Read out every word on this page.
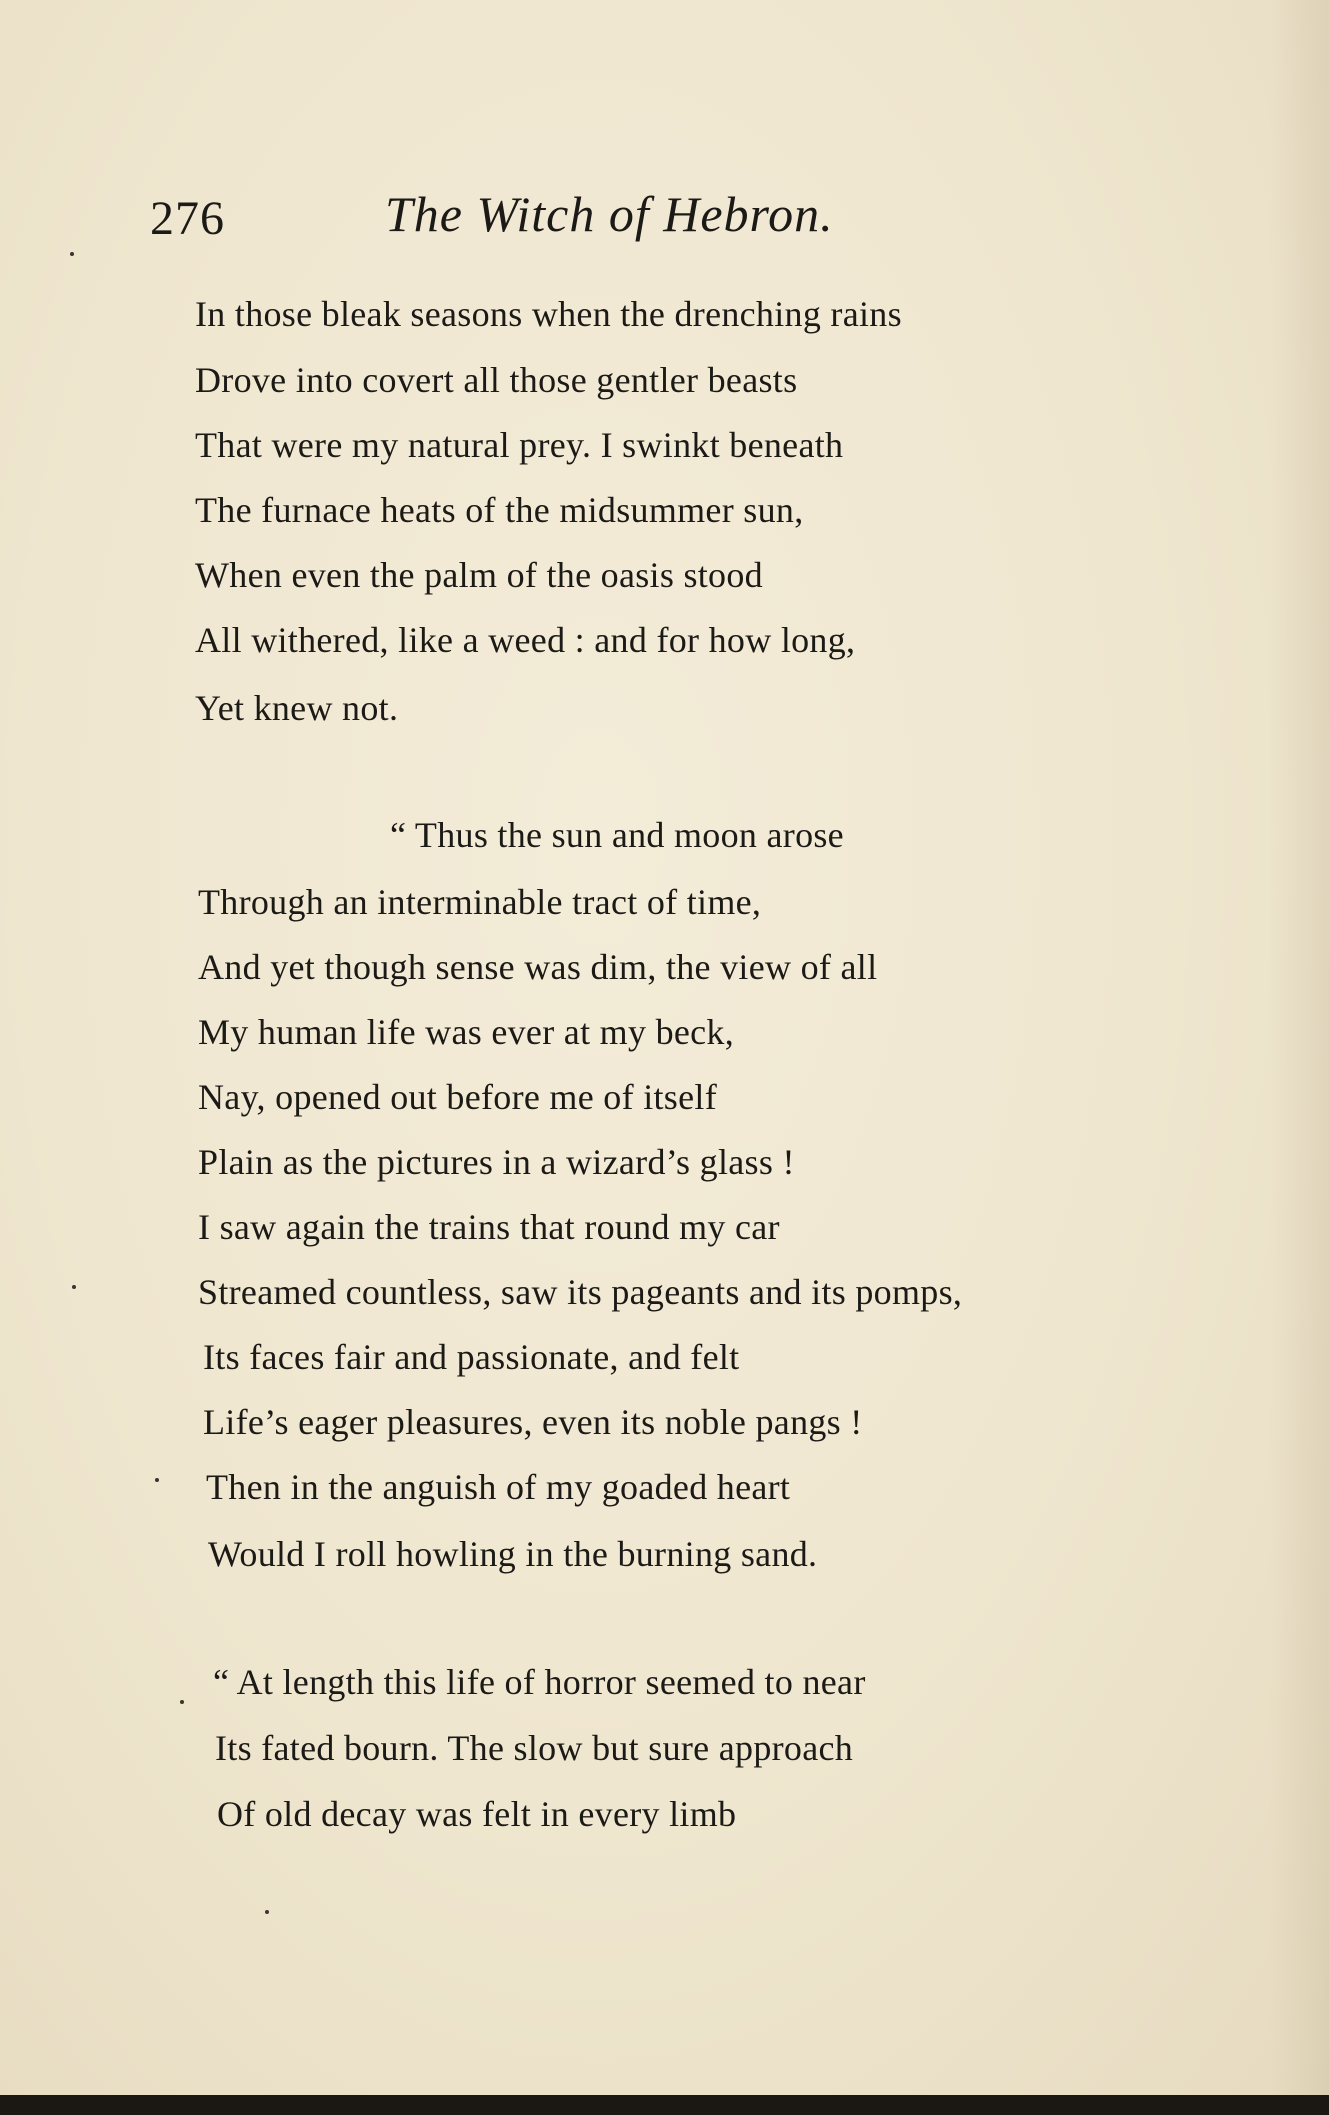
276	The Witch of Hebron.
In those bleak seasons when the drenching rains
Drove into covert all those gentler beasts
That were my natural prey. I swinkt beneath
The furnace heats of the midsummer sun,
When even the palm of the oasis stood
All withered, like a weed : and for how long,
Yet knew not.
“ Thus the sun and moon arose
Through an interminable tract of time,
And yet though sense was dim, the view of all
My human life was ever at my beck,
Nay, opened out before me of itself
Plain as the pictures in a wizard’s glass !
I saw again the trains that round my car
Streamed countless, saw its pageants and its pomps,
Its faces fair and passionate, and felt
Life’s eager pleasures, even its noble pangs !
Then in the anguish of my goaded heart
Would I roll howling in the burning sand.
“ At length this life of horror seemed to near
Its fated bourn. The slow but sure approach
Of old decay was felt in every limb
